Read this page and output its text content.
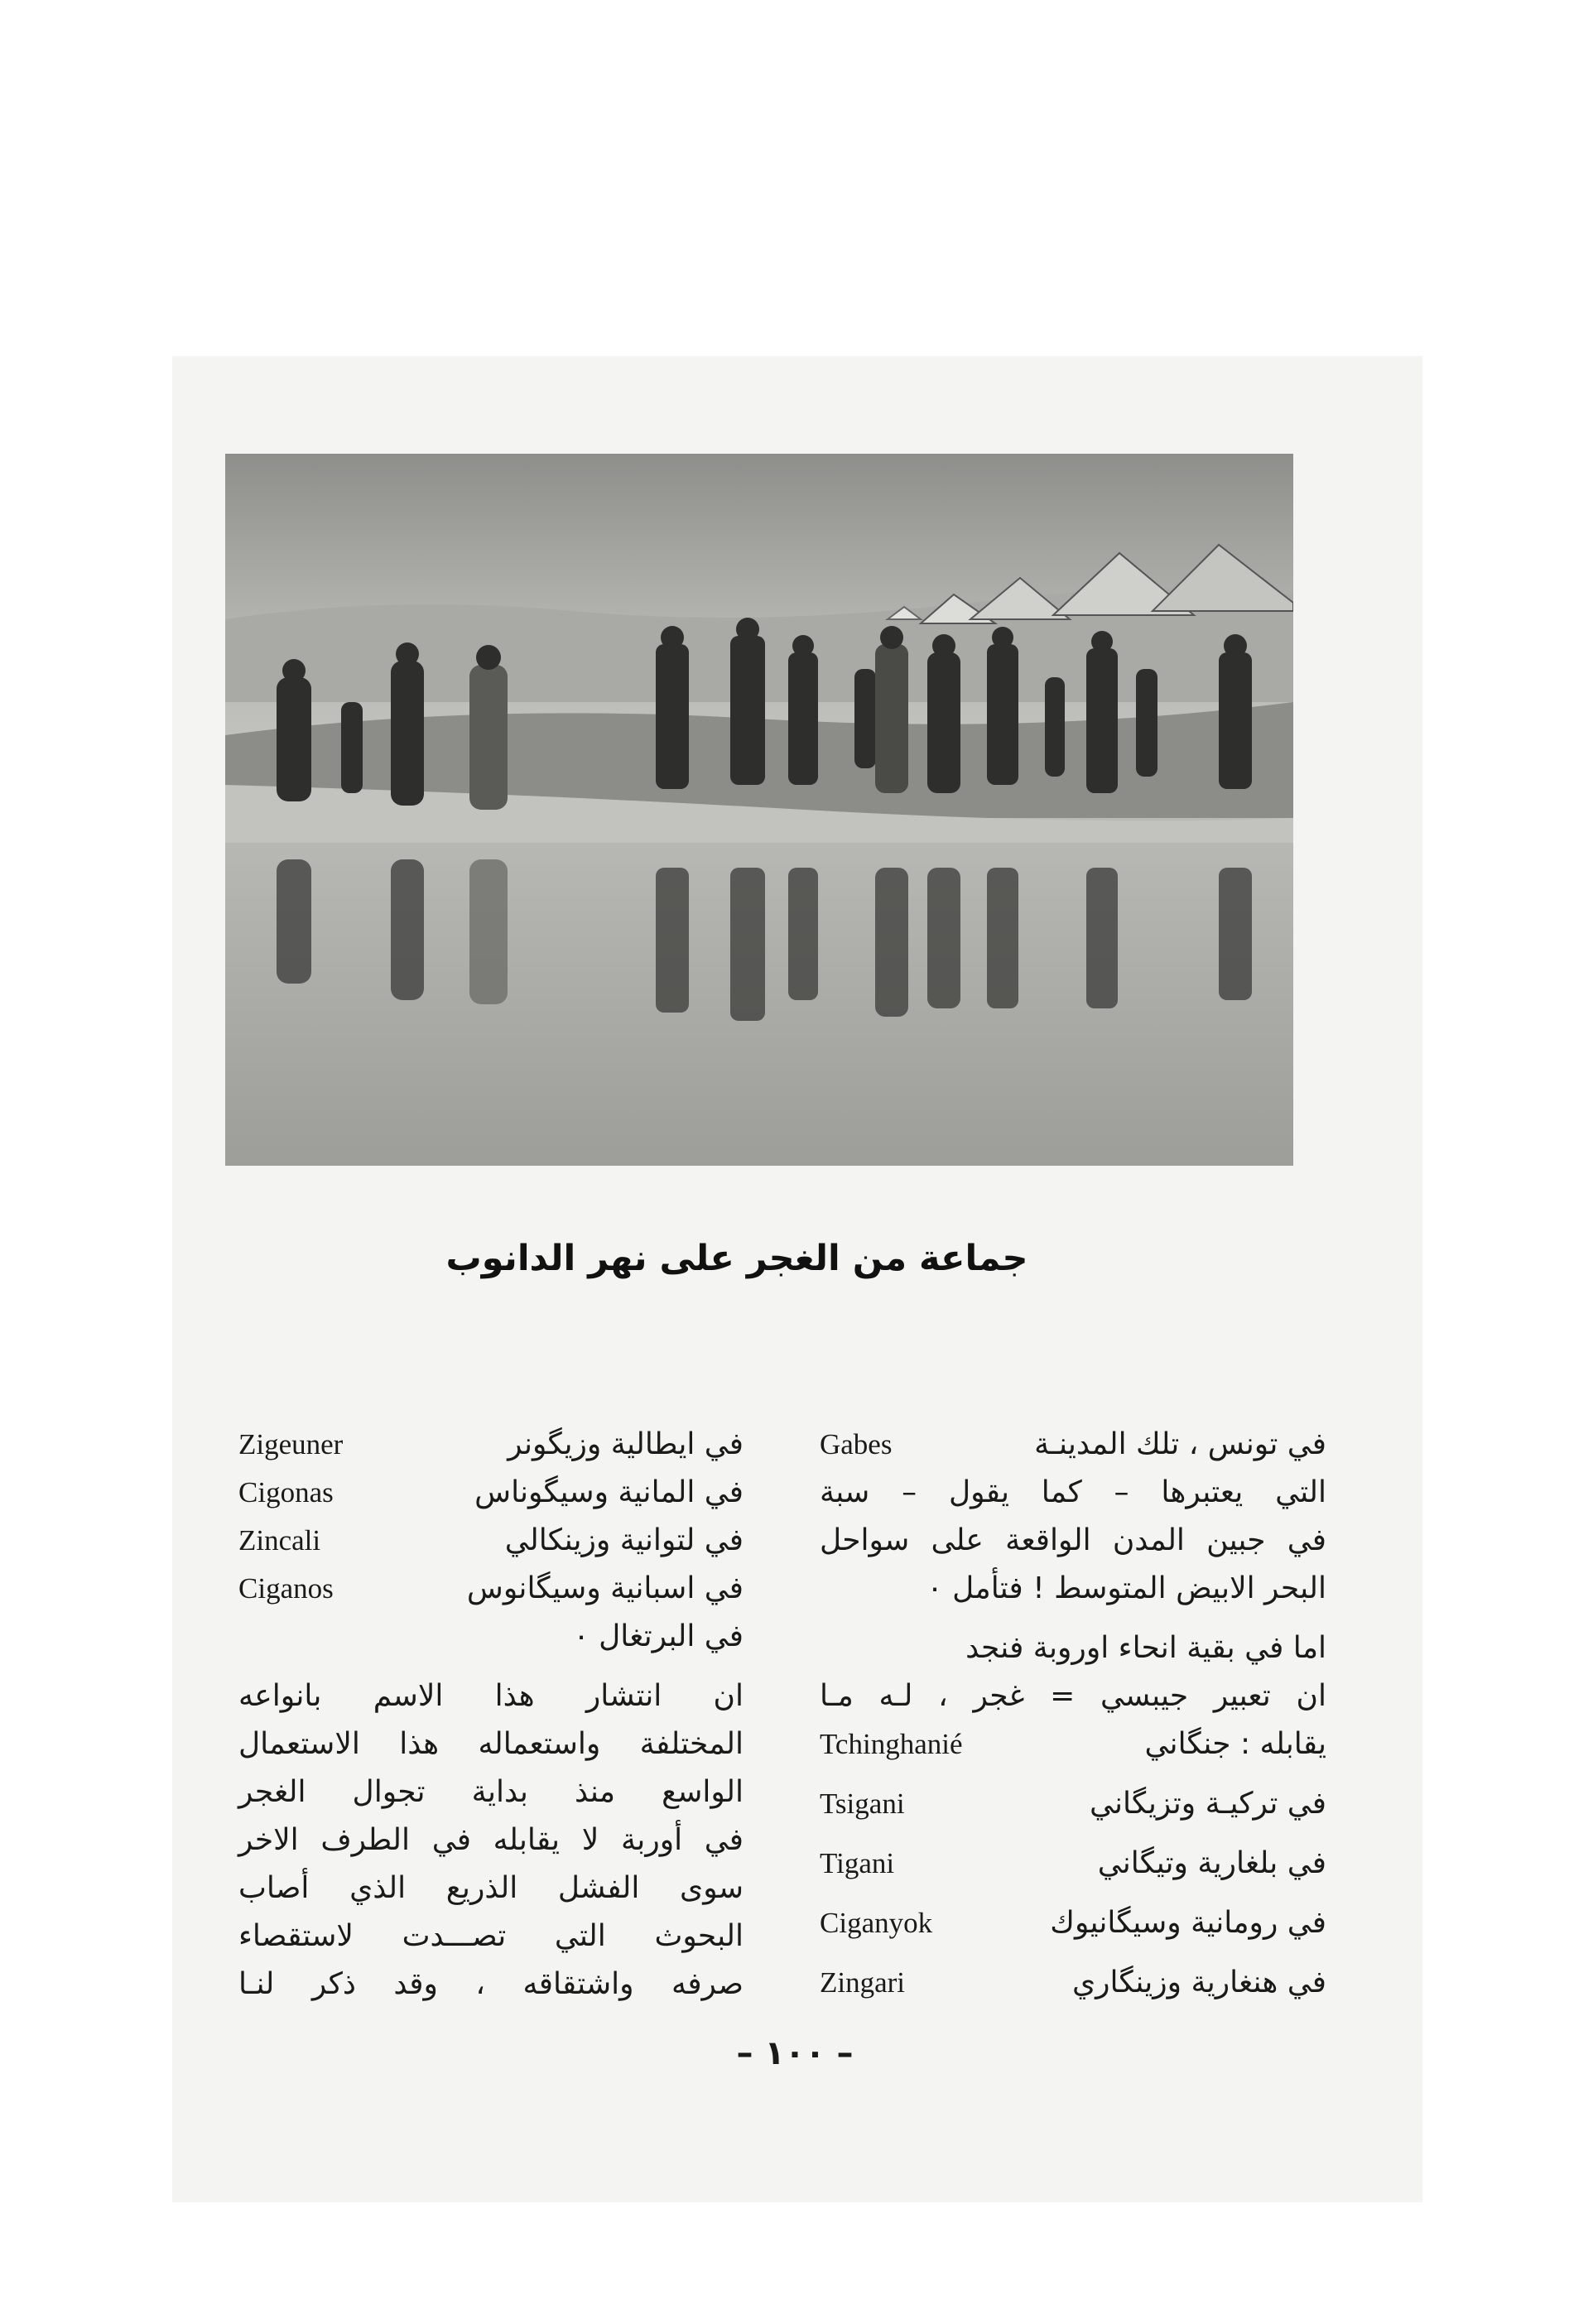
جماعة من الغجر على نهر الدانوب
في تونس ، تلك المدينـة
Gabes
التي يعتبرها – كما يقول – سبة
في جبين المدن الواقعة على سواحل
البحر الابيض المتوسط ! فتأمل ٠
اما في بقية انحاء اوروبة فنجد
ان تعبير جيبسي = غجر ، لـه مـا
يقابله : جنگاني
Tchinghanié
في تركيـة وتزيگاني
Tsigani
في بلغارية وتيگاني
Tigani
في رومانية وسيگانيوك
Ciganyok
في هنغارية وزينگاري
Zingari
في ايطالية وزيگونر
Zigeuner
في المانية وسيگوناس
Cigonas
في لتوانية وزينكالي
Zincali
في اسبانية وسيگانوس
Ciganos
في البرتغال ٠
ان انتشار هذا الاسم بانواعه
المختلفة واستعماله هذا الاستعمال
الواسع منذ بداية تجوال الغجر
في أوربة لا يقابله في الطرف الاخر
سوى الفشل الذريع الذي أصاب
البحوث التي تصـــدت لاستقصاء
صرفه واشتقاقه ، وقد ذكر لنـا
– ١٠٠ –
